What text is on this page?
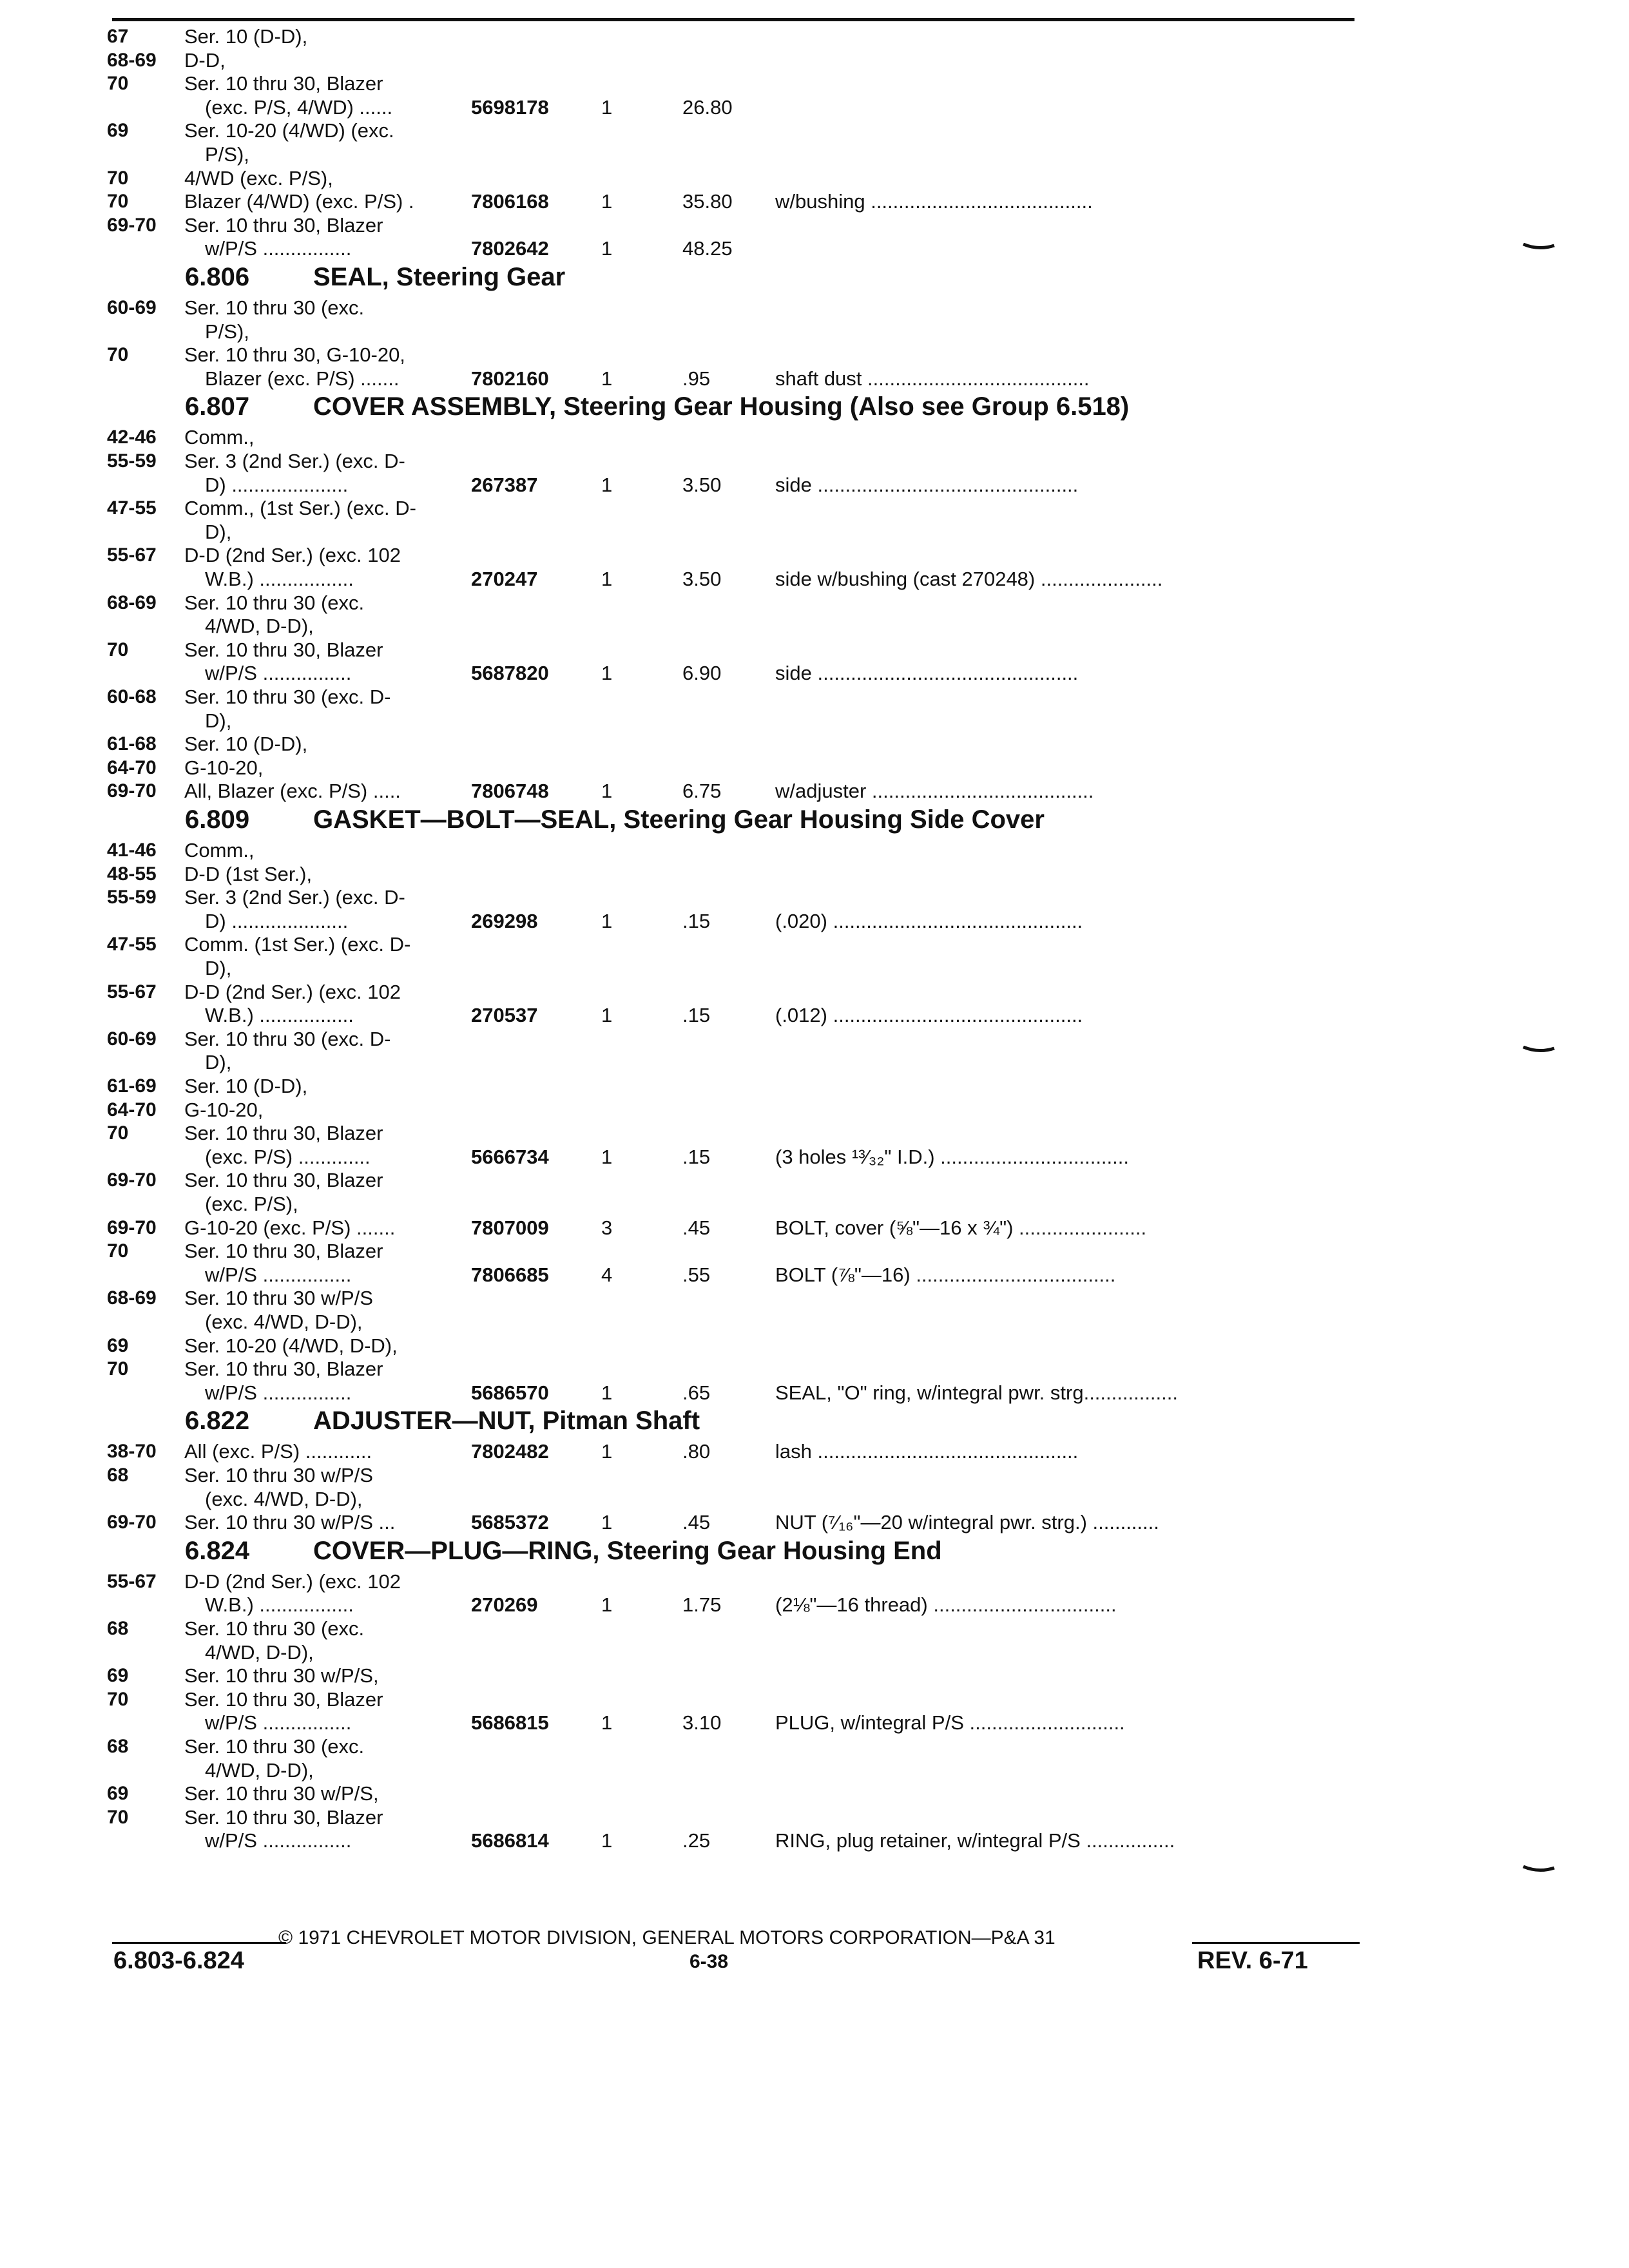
67	Ser. 10 (D-D),
68-69 D-D,
70	Ser. 10 thru 30, Blazer
(exc. P/S, 4/WD) ......	5698178	1	26.80
69	Ser. 10-20 (4/WD) (exc.
P/S),
70	4/WD (exc. P/S),
70	Blazer (4/WD) (exc. P/S) .	7806168	1	35.80 w/bushing ........................................
69-70 Ser. 10 thru 30, Blazer
w/P/S ................	7802642	1	48.25
6.806 SEAL, Steering Gear
60-69 Ser. 10 thru 30 (exc.
P/S),
70	Ser. 10 thru 30, G-10-20,
Blazer (exc. P/S) .......	7802160	1	.95	shaft dust ........................................
6.807 COVER ASSEMBLY, Steering Gear Housing (Also see Group 6.518)
42-46 Comm.,
55-59 Ser. 3 (2nd Ser.) (exc. D-
D) .....................	267387	1	3.50	side ...............................................
47-55 Comm., (1st Ser.) (exc. D-
D),
55-67 D-D (2nd Ser.) (exc. 102
W.B.) .................	270247	1	3.50	side w/bushing (cast 270248) ......................
68-69 Ser. 10 thru 30 (exc.
4/WD, D-D),
70	Ser. 10 thru 30, Blazer
w/P/S ................	5687820	1	6.90	side ...............................................
60-68 Ser. 10 thru 30 (exc. D-
D),
61-68 Ser. 10 (D-D),
64-70 G-10-20,
69-70 All, Blazer (exc. P/S) .....	7806748	1	6.75	w/adjuster ........................................
6.809 GASKET—BOLT—SEAL, Steering Gear Housing Side Cover
41-46 Comm.,
48-55 D-D (1st Ser.),
55-59 Ser. 3 (2nd Ser.) (exc. D-
D) .....................	269298	1	.15	(.020) .............................................
47-55 Comm. (1st Ser.) (exc. D-
D),
55-67 D-D (2nd Ser.) (exc. 102
W.B.) .................	270537	1	.15	(.012) .............................................
60-69 Ser. 10 thru 30 (exc. D-
D),
61-69 Ser. 10 (D-D),
64-70 G-10-20,
70	Ser. 10 thru 30, Blazer
(exc. P/S) .............	5666734	1	.15	(3 holes ¹³⁄₃₂" I.D.) ..................................
69-70 Ser. 10 thru 30, Blazer
(exc. P/S),
69-70 G-10-20 (exc. P/S) .......	7807009	3	.45	BOLT, cover (⅝"—16 x ¾") .......................
70	Ser. 10 thru 30, Blazer
w/P/S ................	7806685	4	.55	BOLT (⅞"—16) ....................................
68-69 Ser. 10 thru 30 w/P/S
(exc. 4/WD, D-D),
69	Ser. 10-20 (4/WD, D-D),
70	Ser. 10 thru 30, Blazer
w/P/S ................	5686570	1	.65	SEAL, "O" ring, w/integral pwr. strg.................
6.822 ADJUSTER—NUT, Pitman Shaft
38-70 All (exc. P/S) ............	7802482	1	.80	lash ...............................................
68	Ser. 10 thru 30 w/P/S
(exc. 4/WD, D-D),
69-70 Ser. 10 thru 30 w/P/S ...	5685372	1	.45	NUT (⁷⁄₁₆"—20 w/integral pwr. strg.) ............
6.824 COVER—PLUG—RING, Steering Gear Housing End
55-67 D-D (2nd Ser.) (exc. 102
W.B.) .................	270269	1	1.75	(2⅛"—16 thread) .................................
68	Ser. 10 thru 30 (exc.
4/WD, D-D),
69	Ser. 10 thru 30 w/P/S,
70	Ser. 10 thru 30, Blazer
w/P/S ................	5686815	1	3.10	PLUG, w/integral P/S ............................
68	Ser. 10 thru 30 (exc.
4/WD, D-D),
69	Ser. 10 thru 30 w/P/S,
70	Ser. 10 thru 30, Blazer
w/P/S ................	5686814	1	.25	RING, plug retainer, w/integral P/S ................
© 1971 CHEVROLET MOTOR DIVISION, GENERAL MOTORS CORPORATION—P&A 31
6.803-6.824	6-38	REV. 6-71
